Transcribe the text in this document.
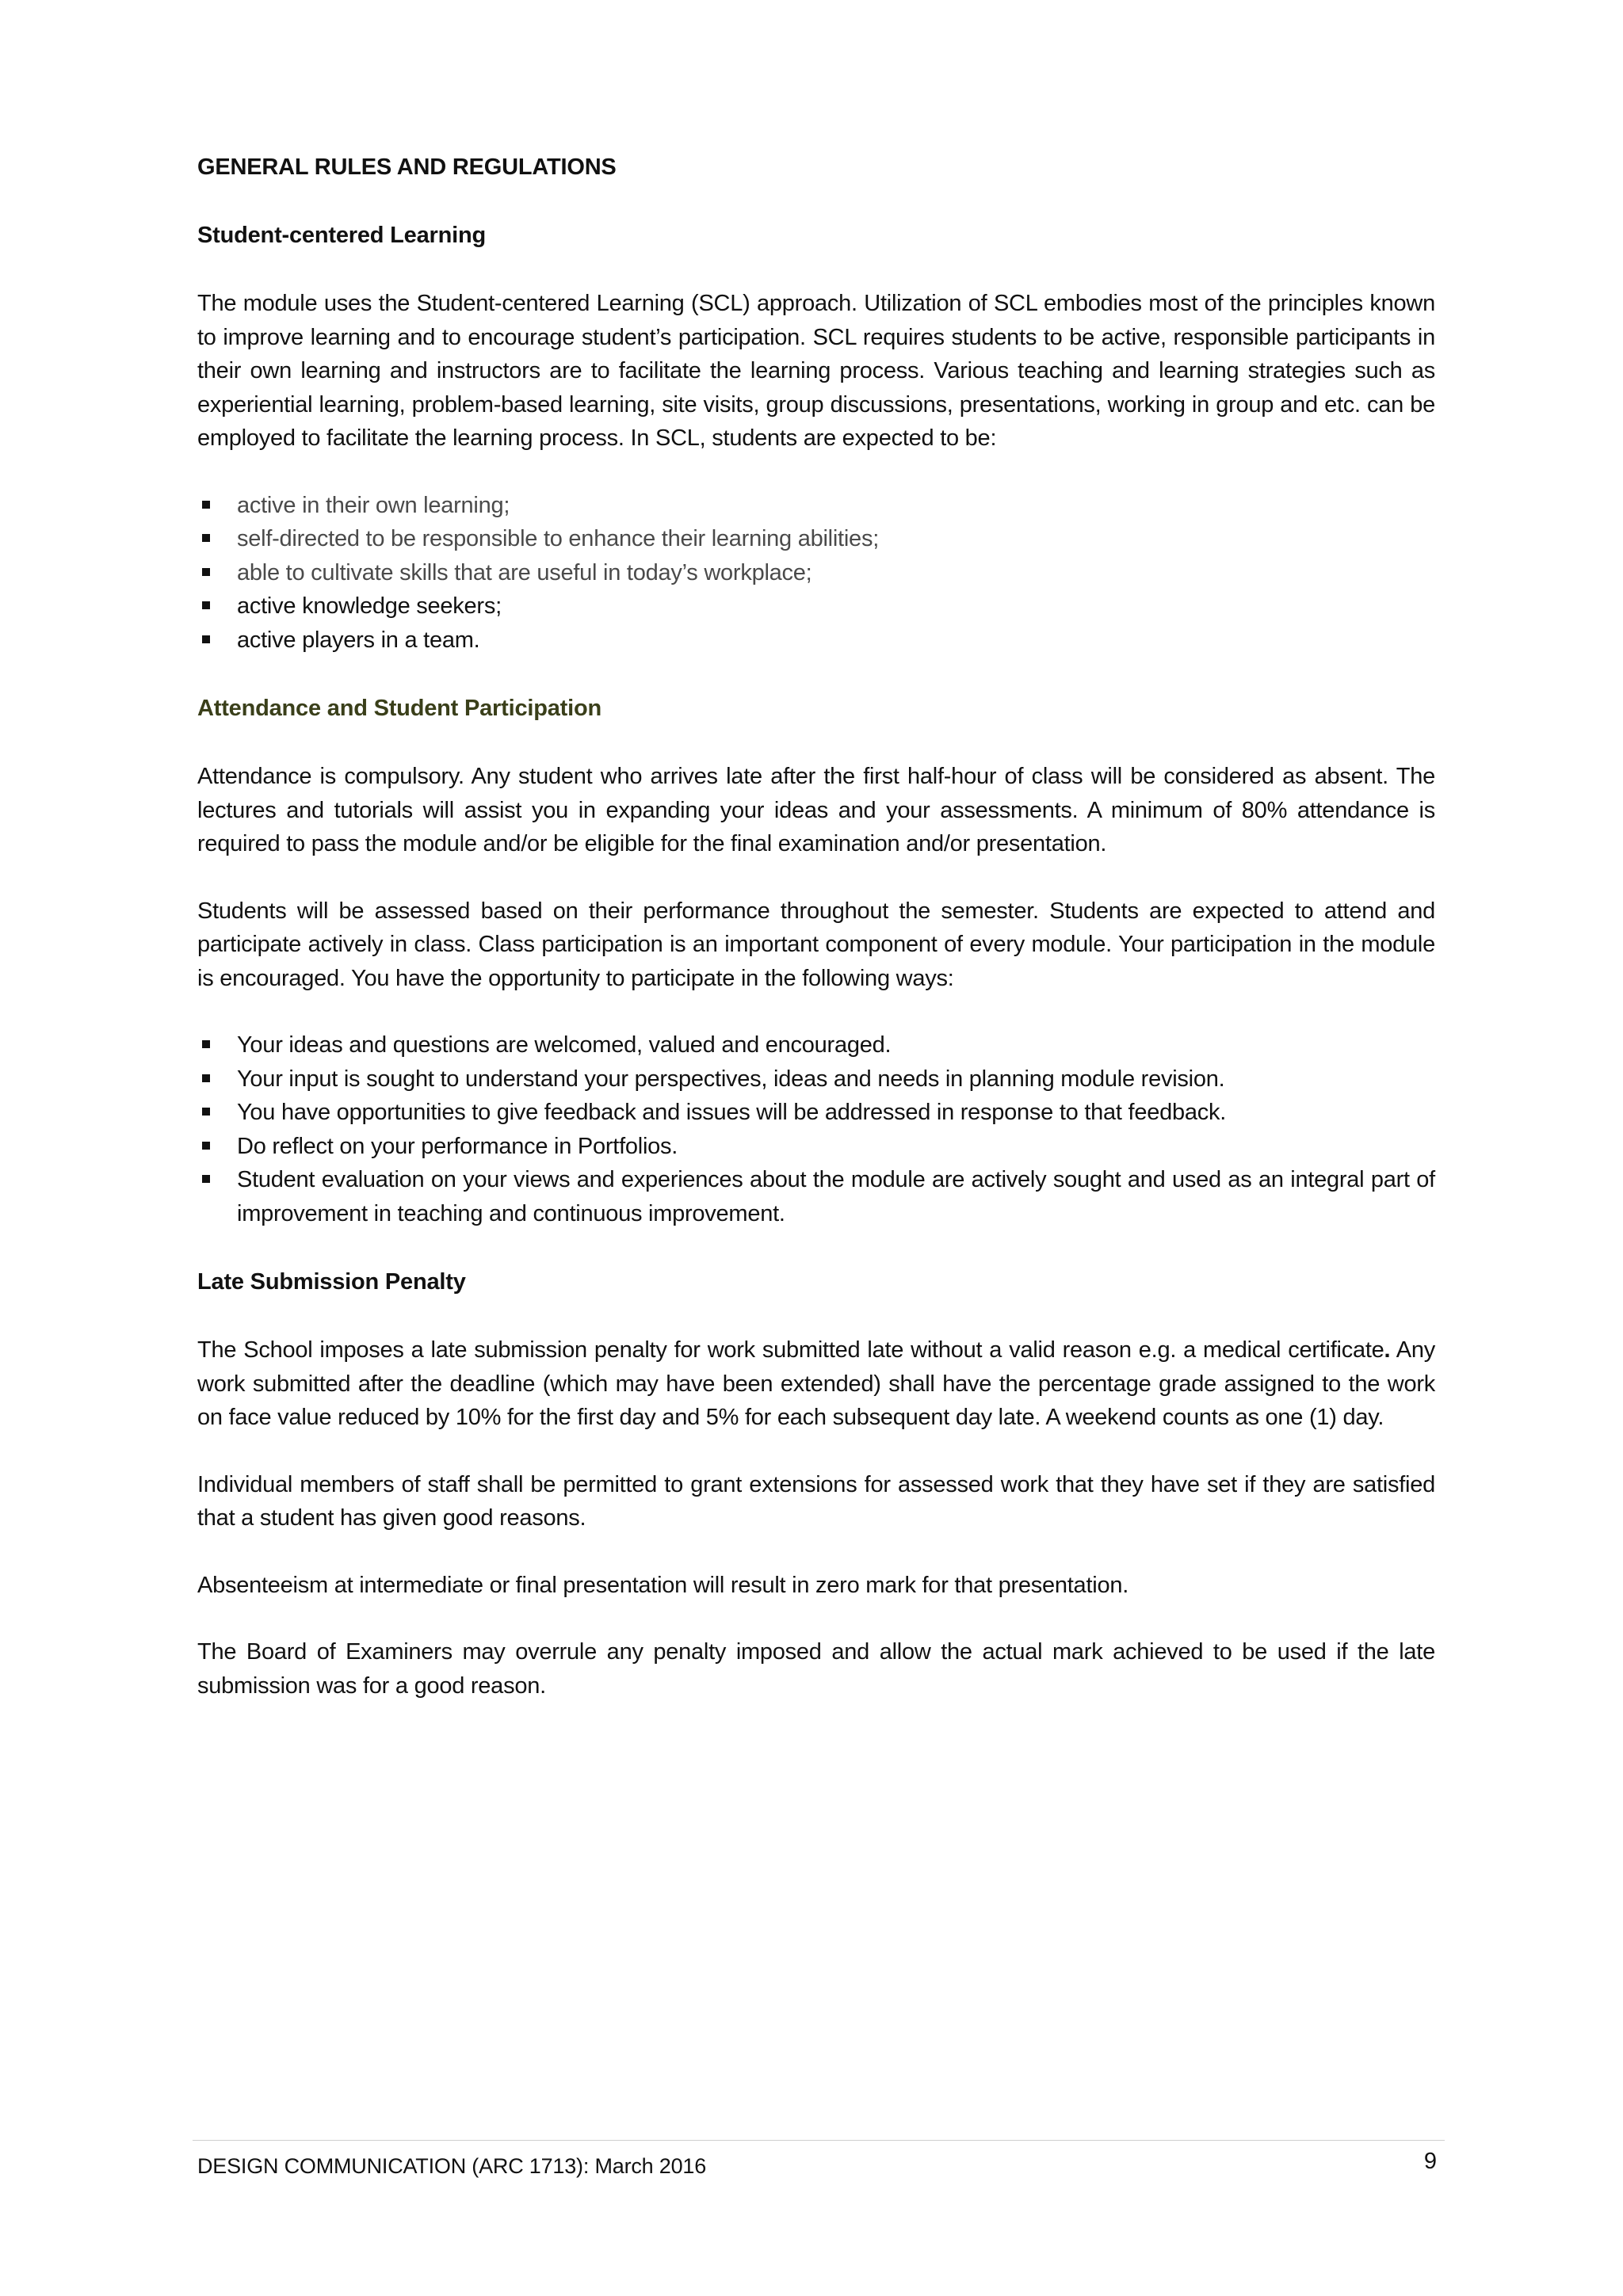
GENERAL RULES AND REGULATIONS
Student-centered Learning

The module uses the Student-centered Learning (SCL) approach. Utilization of SCL embodies most of the principles known to improve learning and to encourage student’s participation. SCL requires students to be active, responsible participants in their own learning and instructors are to facilitate the learning process. Various teaching and learning strategies such as experiential learning, problem-based learning, site visits, group discussions, presentations, working in group and etc. can be employed to facilitate the learning process. In SCL, students are expected to be:

active in their own learning;
self-directed to be responsible to enhance their learning abilities;
able to cultivate skills that are useful in today’s workplace;
active knowledge seekers;
active players in a team.
Attendance and Student Participation

Attendance is compulsory. Any student who arrives late after the first half-hour of class will be considered as absent. The lectures and tutorials will assist you in expanding your ideas and your assessments. A minimum of 80% attendance is required to pass the module and/or be eligible for the final examination and/or presentation.

Students will be assessed based on their performance throughout the semester. Students are expected to attend and participate actively in class. Class participation is an important component of every module. Your participation in the module is encouraged. You have the opportunity to participate in the following ways:

Your ideas and questions are welcomed, valued and encouraged.
Your input is sought to understand your perspectives, ideas and needs in planning module revision.
You have opportunities to give feedback and issues will be addressed in response to that feedback.
Do reflect on your performance in Portfolios.
Student evaluation on your views and experiences about the module are actively sought and used as an integral part of improvement in teaching and continuous improvement.
Late Submission Penalty

The School imposes a late submission penalty for work submitted late without a valid reason e.g. a medical certificate. Any work submitted after the deadline (which may have been extended) shall have the percentage grade assigned to the work on face value reduced by 10% for the first day and 5% for each subsequent day late. A weekend counts as one (1) day.

Individual members of staff shall be permitted to grant extensions for assessed work that they have set if they are satisfied that a student has given good reasons.

Absenteeism at intermediate or final presentation will result in zero mark for that presentation.

The Board of Examiners may overrule any penalty imposed and allow the actual mark achieved to be used if the late submission was for a good reason.

DESIGN COMMUNICATION (ARC 1713): March 2016	9
